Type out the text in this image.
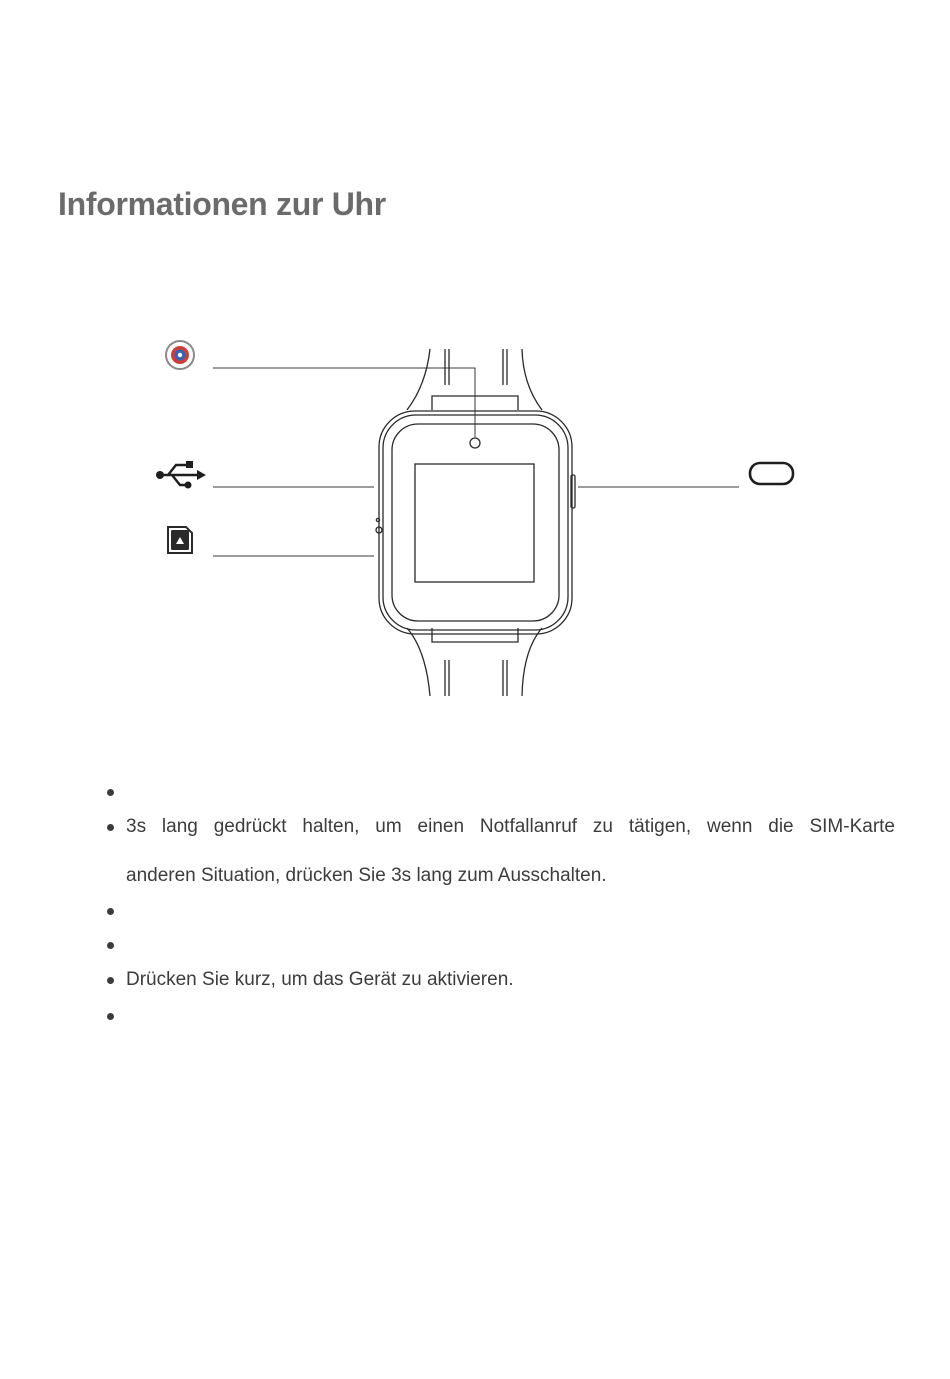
Informationen zur Uhr
3s lang gedrückt halten, um einen Notfallanruf zu tätigen, wenn die SIM-Karte
anderen Situation, drücken Sie 3s lang zum Ausschalten.
Drücken Sie kurz, um das Gerät zu aktivieren.
